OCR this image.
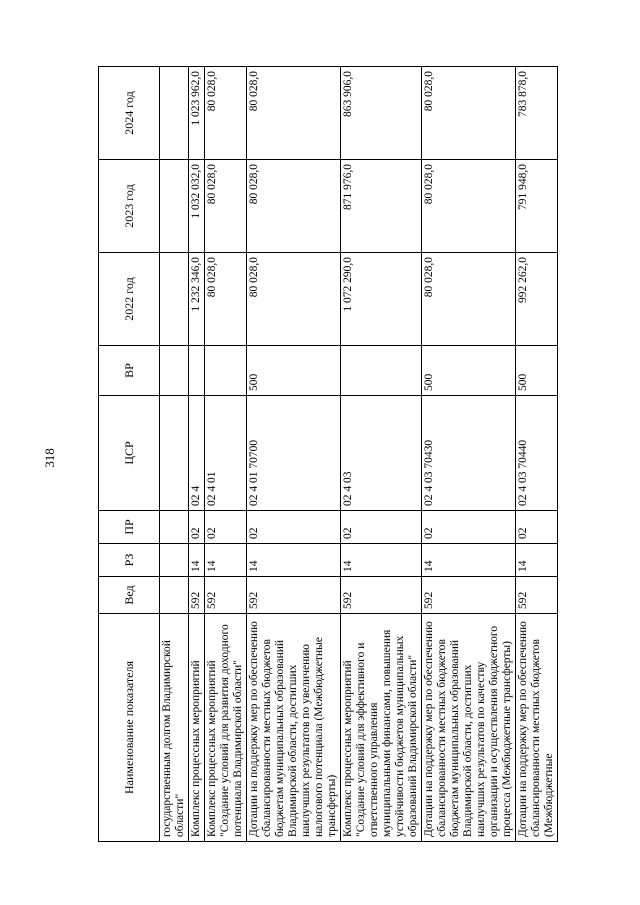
318
Наименование показателя	Вед	РЗ	ПР	ЦСР	ВР	2022 год	2023 год	2024 год
государственным долгом Владимирской области"								
Комплекс процессных мероприятий	592	14	02	02 4		1 232 346,0	1 032 032,0	1 023 962,0
Комплекс процессных мероприятий "Создание условий для развития доходного потенциала Владимирской области"	592	14	02	02 4 01		80 028,0	80 028,0	80 028,0
Дотации на поддержку мер по обеспечению сбалансированности местных бюджетов бюджетам муниципальных образований Владимирской области, достигших наилучших результатов по увеличению налогового потенциала (Межбюджетные трансферты)	592	14	02	02 4 01 70700	500	80 028,0	80 028,0	80 028,0
Комплекс процессных мероприятий "Создание условий для эффективного и ответственного управления муниципальными финансами, повышения устойчивости бюджетов муниципальных образований Владимирской области"	592	14	02	02 4 03		1 072 290,0	871 976,0	863 906,0
Дотации на поддержку мер по обеспечению сбалансированности местных бюджетов бюджетам муниципальных образований Владимирской области, достигших наилучших результатов по качеству организации и осуществления бюджетного процесса (Межбюджетные трансферты)	592	14	02	02 4 03 70430	500	80 028,0	80 028,0	80 028,0
Дотации на поддержку мер по обеспечению сбалансированности местных бюджетов (Межбюджетные	592	14	02	02 4 03 70440	500	992 262,0	791 948,0	783 878,0
